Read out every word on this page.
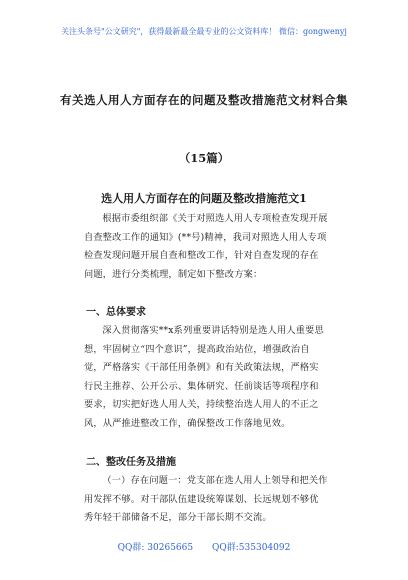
关注头条号"公文研究"，获得最新最全最专业的公文资料库！ 微信：gongwenyj
有关选人用人方面存在的问题及整改措施范文材料合集
（15篇）
选人用人方面存在的问题及整改措施范文1
根据市委组织部《关于对照选人用人专项检查发现开展自查整改工作的通知》(**号)精神，我司对照选人用人专项检查发现问题开展自查和整改工作，针对自查发现的存在问题，进行分类梳理，制定如下整改方案：
一、总体要求
深入贯彻落实**x系列重要讲话特别是选人用人重要思想，牢固树立“四个意识”，提高政治站位，增强政治自觉，严格落实《干部任用条例》和有关政策法规，严格实行民主推荐、公开公示、集体研究、任前谈话等项程序和要求，切实把好选人用人关，持续整治选人用人的不正之风，从严推进整改工作，确保整改工作落地见效。
二、整改任务及措施
（一）存在问题一：党支部在选人用人上领导和把关作用发挥不够。对干部队伍建设统筹谋划、长远规划不够优秀年轻干部储备不足，部分干部长期不交流。
QQ群: 30265665 QQ群:535304092
